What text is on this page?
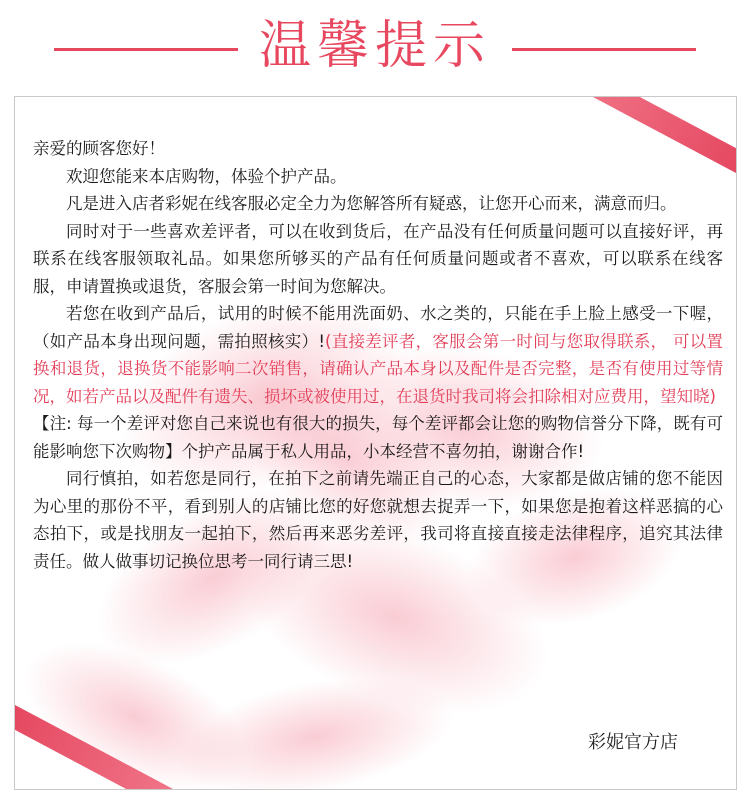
温馨提示

亲爱的顾客您好！

欢迎您能来本店购物，体验个护产品。

凡是进入店者彩妮在线客服必定全力为您解答所有疑惑，让您开心而来，满意而归。

同时对于一些喜欢差评者，可以在收到货后，在产品没有任何质量问题可以直接好评，再联系在线客服领取礼品。如果您所够买的产品有任何质量问题或者不喜欢，可以联系在线客服，申请置换或退货，客服会第一时间为您解决。

若您在收到产品后，试用的时候不能用洗面奶、水之类的，只能在手上脸上感受一下喔，（如产品本身出现问题，需拍照核实）!(直接差评者，客服会第一时间与您取得联系， 可以置换和退货，退换货不能影响二次销售，请确认产品本身以及配件是否完整，是否有使用过等情况，如若产品以及配件有遗失、损坏或被使用过，在退货时我司将会扣除相对应费用，望知晓)

【注: 每一个差评对您自己来说也有很大的损失，每个差评都会让您的购物信誉分下降，既有可能影响您下次购物】个护产品属于私人用品，小本经营不喜勿拍，谢谢合作!

同行慎拍，如若您是同行，在拍下之前请先端正自己的心态，大家都是做店铺的您不能因为心里的那份不平，看到别人的店铺比您的好您就想去捉弄一下，如果您是抱着这样恶搞的心态拍下，或是找朋友一起拍下，然后再来恶劣差评，我司将直接直接走法律程序，追究其法律责任。做人做事切记换位思考一同行请三思!

彩妮官方店
